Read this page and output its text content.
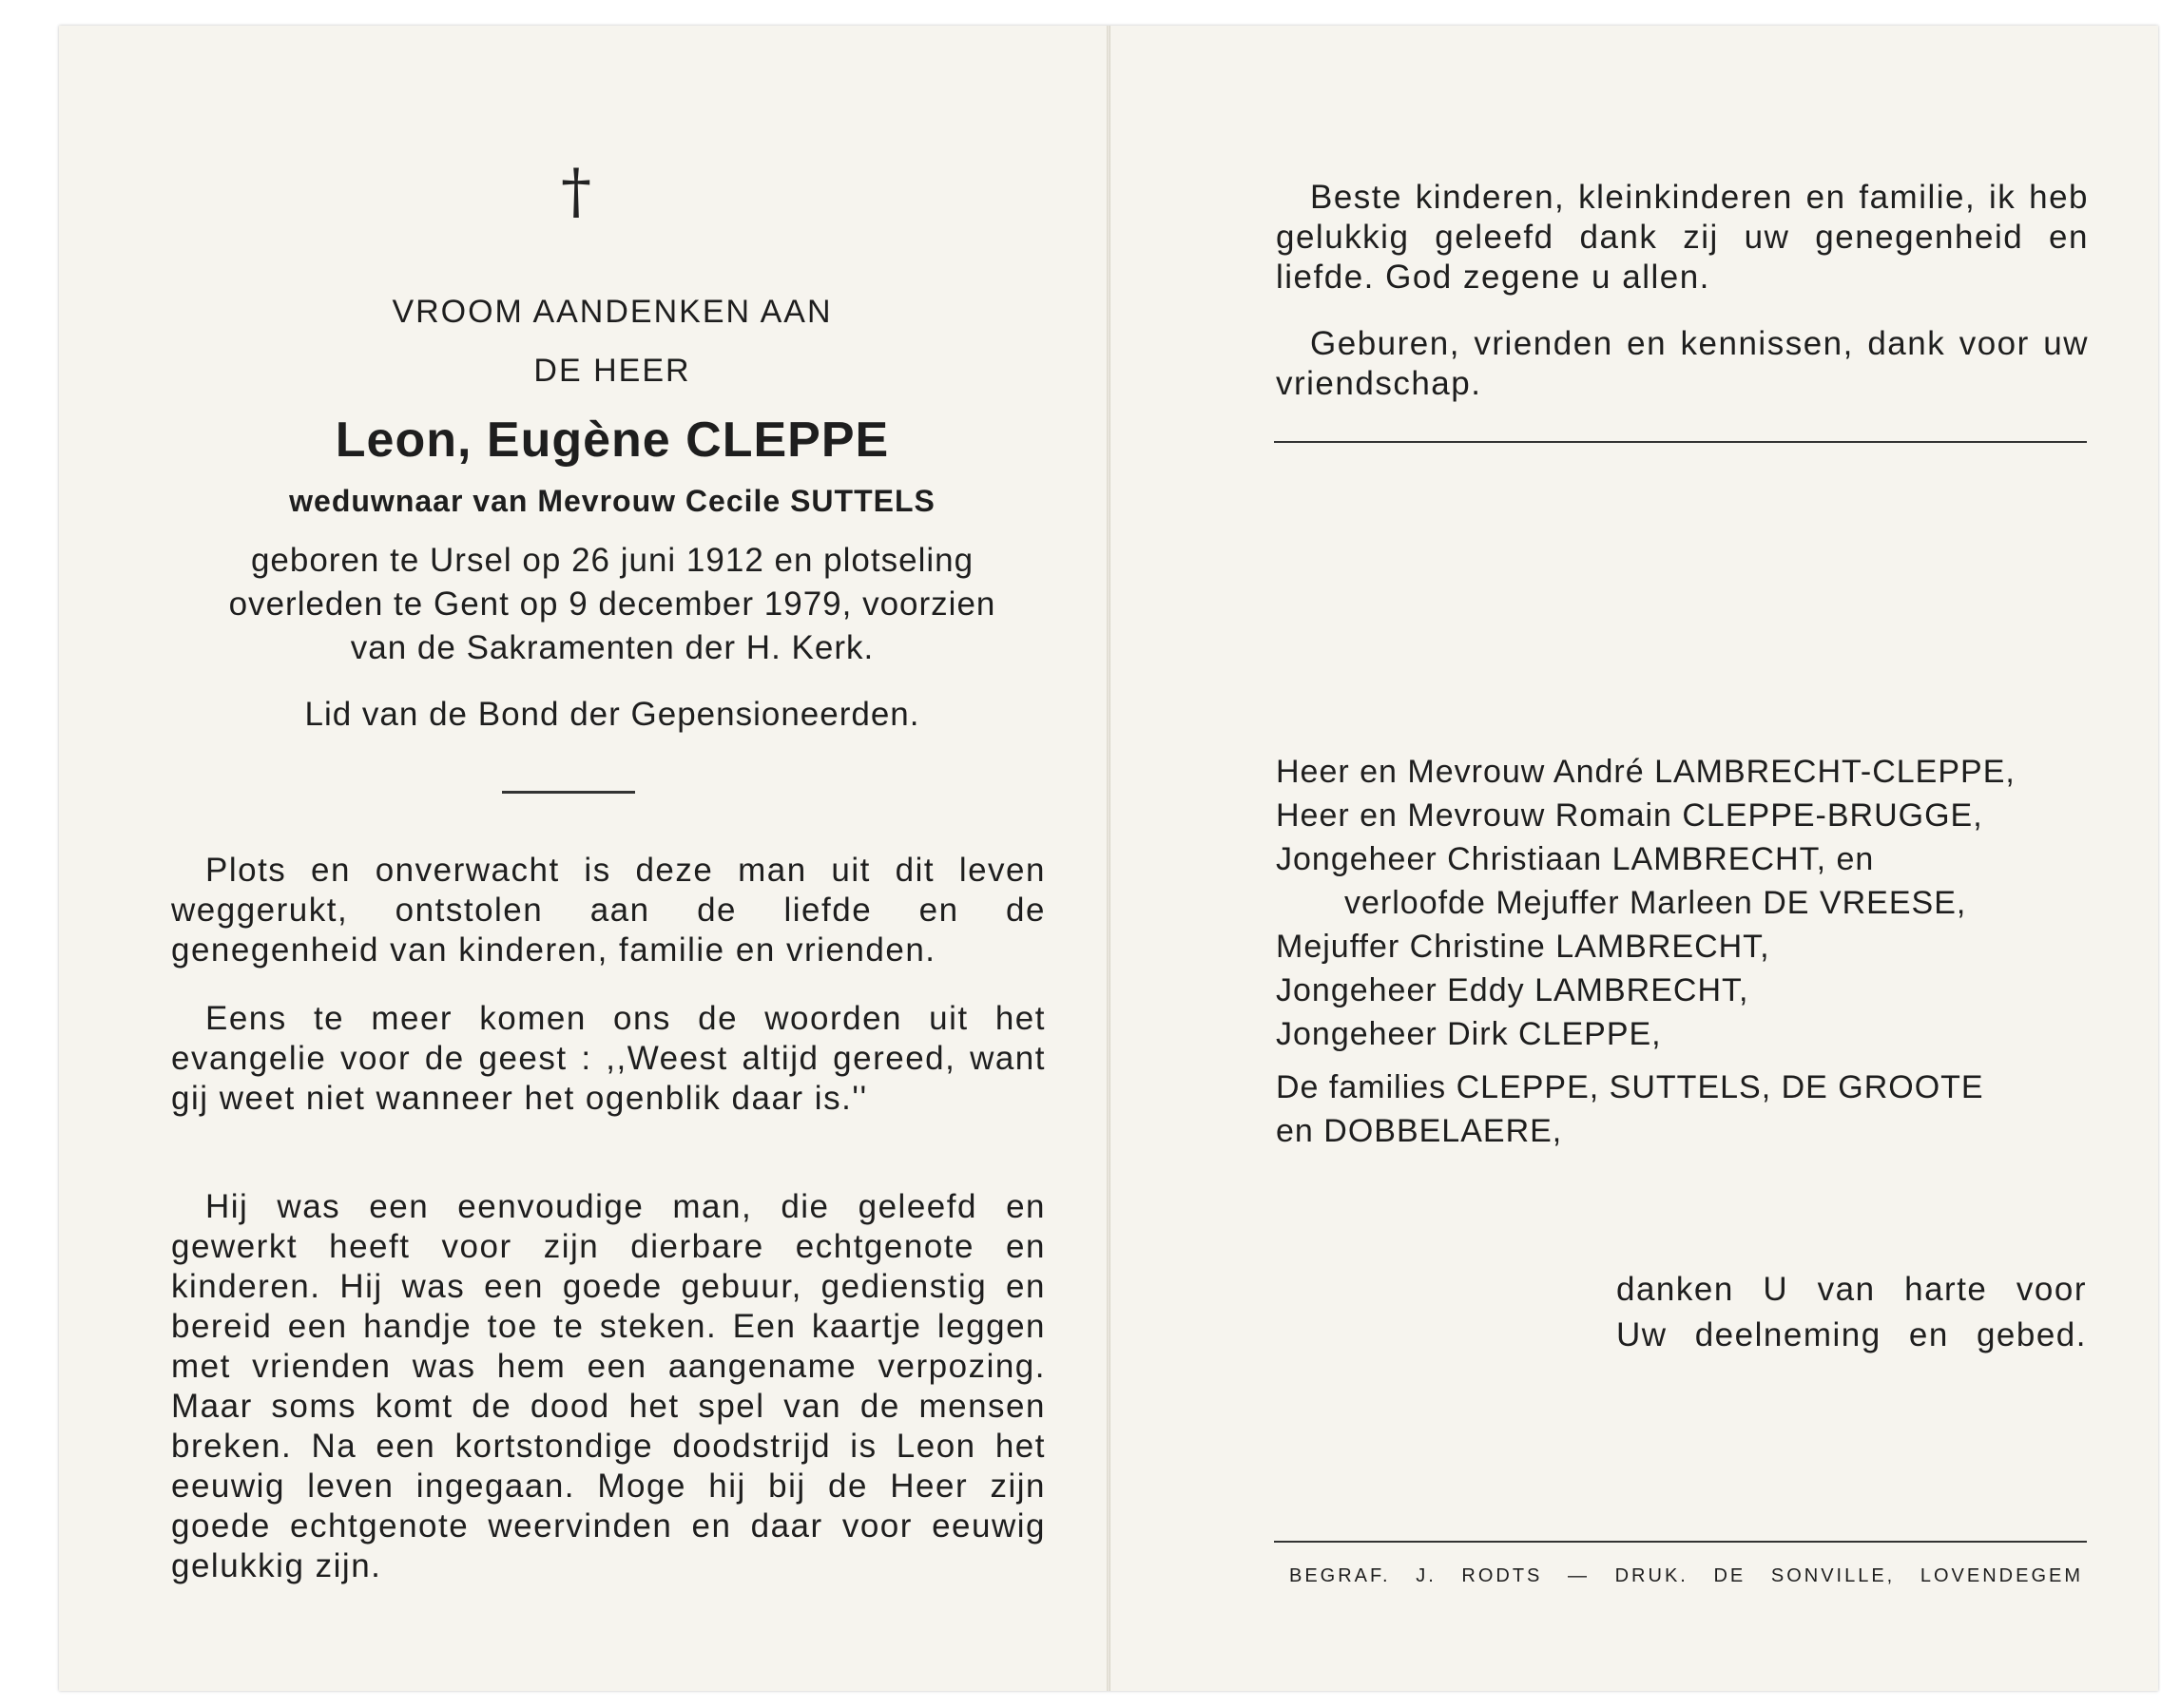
†
VROOM AANDENKEN AAN
DE HEER
Leon, Eugène CLEPPE
weduwnaar van Mevrouw Cecile SUTTELS
geboren te Ursel op 26 juni 1912 en plotseling
overleden te Gent op 9 december 1979, voorzien
van de Sakramenten der H. Kerk.
Lid van de Bond der Gepensioneerden.

Plots en onverwacht is deze man uit dit leven weggerukt, ontstolen aan de liefde en de genegenheid van kinderen, familie en vrienden.

Eens te meer komen ons de woorden uit het evangelie voor de geest : ,,Weest altijd gereed, want gij weet niet wanneer het ogenblik daar is.''

Hij was een eenvoudige man, die geleefd en gewerkt heeft voor zijn dierbare echtgenote en kinderen. Hij was een goede gebuur, gedienstig en bereid een handje toe te steken. Een kaartje leggen met vrienden was hem een aangename verpozing. Maar soms komt de dood het spel van de mensen breken. Na een kortstondige doodstrijd is Leon het eeuwig leven ingegaan. Moge hij bij de Heer zijn goede echtgenote weervinden en daar voor eeuwig gelukkig zijn.

Beste kinderen, kleinkinderen en familie, ik heb gelukkig geleefd dank zij uw genegenheid en liefde. God zegene u allen.

Geburen, vrienden en kennissen, dank voor uw vriendschap.

Heer en Mevrouw André LAMBRECHT-CLEPPE,
Heer en Mevrouw Romain CLEPPE-BRUGGE,
Jongeheer Christiaan LAMBRECHT, en
verloofde Mejuffer Marleen DE VREESE,
Mejuffer Christine LAMBRECHT,
Jongeheer Eddy LAMBRECHT,
Jongeheer Dirk CLEPPE,
De families CLEPPE, SUTTELS, DE GROOTE
en DOBBELAERE,
danken U van harte voor
Uw deelneming en gebed.
BEGRAF. J. RODTS — DRUK. DE SONVILLE, LOVENDEGEM
